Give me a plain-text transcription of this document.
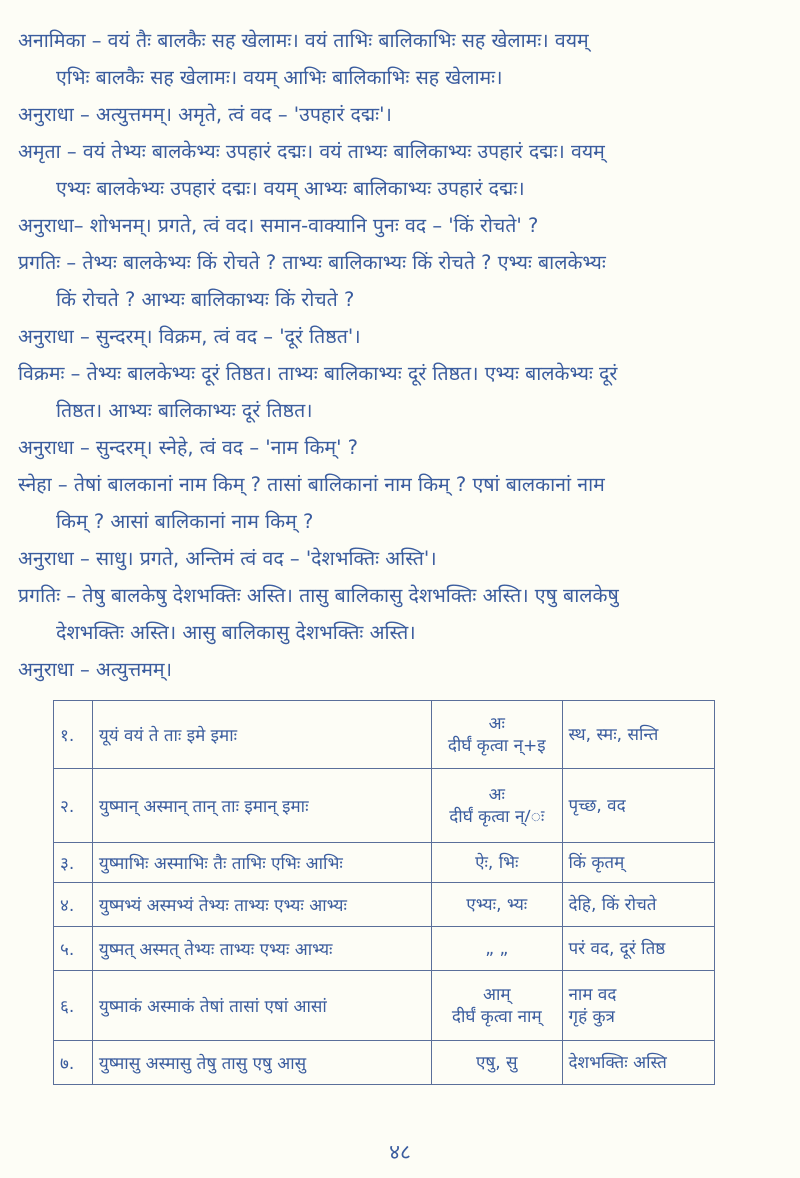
अनामिका – वयं तैः बालकैः सह खेलामः। वयं ताभिः बालिकाभिः सह खेलामः। वयम्
एभिः बालकैः सह खेलामः। वयम् आभिः बालिकाभिः सह खेलामः।
अनुराधा – अत्युत्तमम्। अमृते, त्वं वद – 'उपहारं दद्मः'।
अमृता – वयं तेभ्यः बालकेभ्यः उपहारं दद्मः। वयं ताभ्यः बालिकाभ्यः उपहारं दद्मः। वयम्
एभ्यः बालकेभ्यः उपहारं दद्मः। वयम् आभ्यः बालिकाभ्यः उपहारं दद्मः।
अनुराधा– शोभनम्। प्रगते, त्वं वद। समान-वाक्यानि पुनः वद – 'किं रोचते' ?
प्रगतिः – तेभ्यः बालकेभ्यः किं रोचते ? ताभ्यः बालिकाभ्यः किं रोचते ? एभ्यः बालकेभ्यः
किं रोचते ? आभ्यः बालिकाभ्यः किं रोचते ?
अनुराधा – सुन्दरम्। विक्रम, त्वं वद – 'दूरं तिष्ठत'।
विक्रमः – तेभ्यः बालकेभ्यः दूरं तिष्ठत। ताभ्यः बालिकाभ्यः दूरं तिष्ठत। एभ्यः बालकेभ्यः दूरं
तिष्ठत। आभ्यः बालिकाभ्यः दूरं तिष्ठत।
अनुराधा – सुन्दरम्। स्नेहे, त्वं वद – 'नाम किम्' ?
स्नेहा – तेषां बालकानां नाम किम् ? तासां बालिकानां नाम किम् ? एषां बालकानां नाम
किम् ? आसां बालिकानां नाम किम् ?
अनुराधा – साधु। प्रगते, अन्तिमं त्वं वद – 'देशभक्तिः अस्ति'।
प्रगतिः – तेषु बालकेषु देशभक्तिः अस्ति। तासु बालिकासु देशभक्तिः अस्ति। एषु बालकेषु
देशभक्तिः अस्ति। आसु बालिकासु देशभक्तिः अस्ति।
अनुराधा – अत्युत्तमम्।
१.	यूयं वयं ते ताः इमे इमाः	अः
दीर्घं कृत्वा न्+इ	स्थ, स्मः, सन्ति

२.	युष्मान् अस्मान् तान् ताः इमान् इमाः	अः
दीर्घं कृत्वा न्/ः	पृच्छ, वद

३.	युष्माभिः अस्माभिः तैः ताभिः एभिः आभिः	ऐः, भिः	किं कृतम्

४.	युष्मभ्यं अस्मभ्यं तेभ्यः ताभ्यः एभ्यः आभ्यः	एभ्यः, भ्यः	देहि, किं रोचते

५.	युष्मत् अस्मत् तेभ्यः ताभ्यः एभ्यः आभ्यः	„ „	परं वद, दूरं तिष्ठ

६.	युष्माकं अस्माकं तेषां तासां एषां आसां	आम्
दीर्घं कृत्वा नाम्	नाम वद
गृहं कुत्र

७.	युष्मासु अस्मासु तेषु तासु एषु आसु	एषु, सु	देशभक्तिः अस्ति
४८
